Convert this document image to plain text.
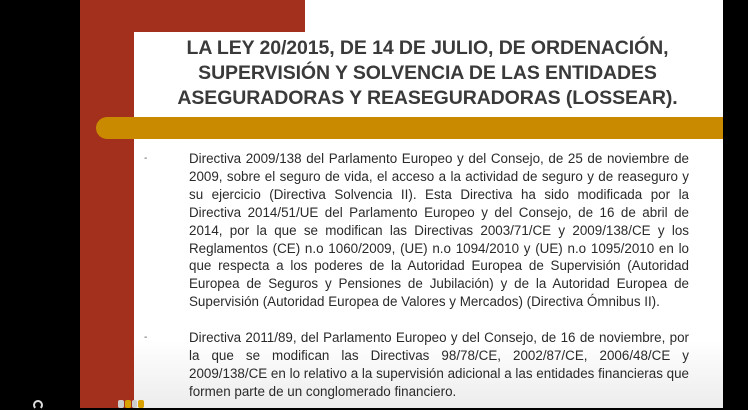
LA LEY 20/2015, DE 14 DE JULIO, DE ORDENACIÓN, SUPERVISIÓN Y SOLVENCIA DE LAS ENTIDADES ASEGURADORAS Y REASEGURADORAS (LOSSEAR).
-	Directiva 2009/138 del Parlamento Europeo y del Consejo, de 25 de noviembre de 2009, sobre el seguro de vida, el acceso a la actividad de seguro y de reaseguro y su ejercicio (Directiva Solvencia II). Esta Directiva ha sido modificada por la Directiva 2014/51/UE del Parlamento Europeo y del Consejo, de 16 de abril de 2014, por la que se modifican las Directivas 2003/71/CE y 2009/138/CE y los Reglamentos (CE) n.o 1060/2009, (UE) n.o 1094/2010 y (UE) n.o 1095/2010 en lo que respecta a los poderes de la Autoridad Europea de Supervisión (Autoridad Europea de Seguros y Pensiones de Jubilación) y de la Autoridad Europea de Supervisión (Autoridad Europea de Valores y Mercados) (Directiva Ómnibus II).
-	Directiva 2011/89, del Parlamento Europeo y del Consejo, de 16 de noviembre, por la que se modifican las Directivas 98/78/CE, 2002/87/CE, 2006/48/CE y 2009/138/CE en lo relativo a la supervisión adicional a las entidades financieras que formen parte de un conglomerado financiero.
